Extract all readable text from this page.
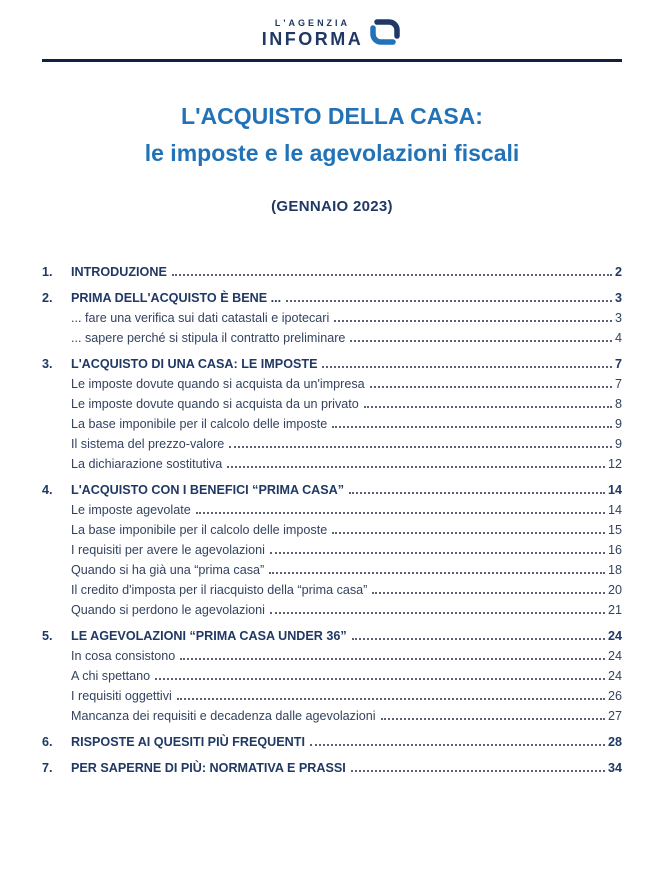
L'AGENZIA
INFORMA
L'ACQUISTO DELLA CASA:
le imposte e le agevolazioni fiscali
(GENNAIO 2023)
1.	INTRODUZIONE	2
2.	PRIMA DELL'ACQUISTO È BENE ...	3
... fare una verifica sui dati catastali e ipotecari	3
... sapere perché si stipula il contratto preliminare	4
3.	L'ACQUISTO DI UNA CASA: LE IMPOSTE	7
Le imposte dovute quando si acquista da un'impresa	7
Le imposte dovute quando si acquista da un privato	8
La base imponibile per il calcolo delle imposte	9
Il sistema del prezzo-valore	9
La dichiarazione sostitutiva	12
4.	L'ACQUISTO CON I BENEFICI “PRIMA CASA”	14
Le imposte agevolate	14
La base imponibile per il calcolo delle imposte	15
I requisiti per avere le agevolazioni	16
Quando si ha già una “prima casa”	18
Il credito d'imposta per il riacquisto della “prima casa”	20
Quando si perdono le agevolazioni	21
5.	LE AGEVOLAZIONI “PRIMA CASA UNDER 36”	24
In cosa consistono	24
A chi spettano	24
I requisiti oggettivi	26
Mancanza dei requisiti e decadenza dalle agevolazioni	27
6.	RISPOSTE AI QUESITI PIÙ FREQUENTI	28
7.	PER SAPERNE DI PIÙ: NORMATIVA E PRASSI	34
